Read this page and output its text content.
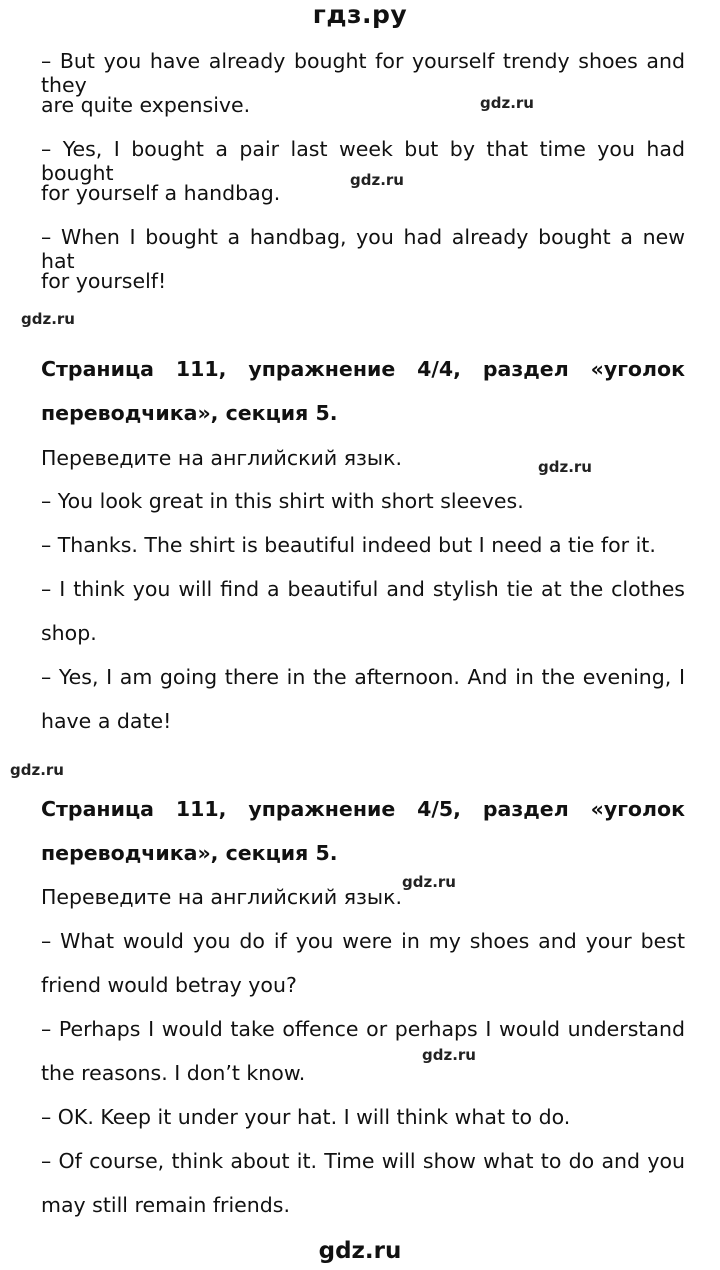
гдз.ру
– But you have already bought for yourself trendy shoes and they
are quite expensive.
– Yes, I bought a pair last week but by that time you had bought
for yourself a handbag.
– When I bought a handbag, you had already bought a new hat
for yourself!
gdz.ru
gdz.ru
gdz.ru
Страница 111, упражнение 4/4, раздел «уголок
переводчика», секция 5.
Переведите на английский язык.	gdz.ru
– You look great in this shirt with short sleeves.
– Thanks. The shirt is beautiful indeed but I need a tie for it.
– I think you will find a beautiful and stylish tie at the clothes
shop.
– Yes, I am going there in the afternoon. And in the evening, I
have a date!
gdz.ru
Страница 111, упражнение 4/5, раздел «уголок
переводчика», секция 5.
Переведите на английский язык.
gdz.ru
– What would you do if you were in my shoes and your best
friend would betray you?
– Perhaps I would take offence or perhaps I would understand
gdz.ru
the reasons. I don’t know.
– OK. Keep it under your hat. I will think what to do.
– Of course, think about it. Time will show what to do and you
may still remain friends.
gdz.ru
